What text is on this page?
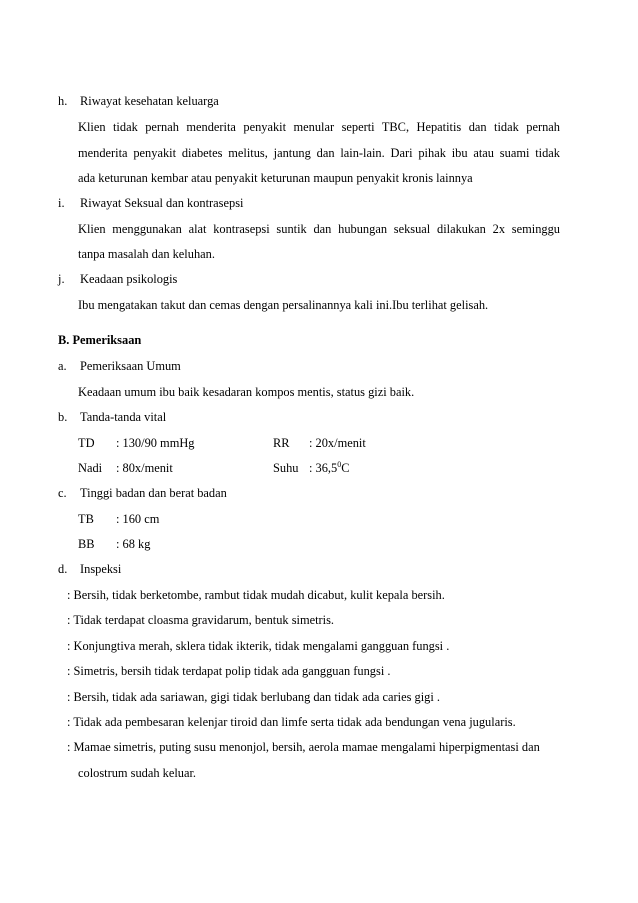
h. Riwayat kesehatan keluarga
Klien tidak pernah menderita penyakit menular seperti TBC, Hepatitis dan tidak pernah
menderita penyakit diabetes melitus, jantung dan lain-lain. Dari pihak ibu atau suami tidak
ada keturunan kembar atau penyakit keturunan maupun penyakit kronis lainnya
i. Riwayat Seksual dan kontrasepsi
Klien menggunakan alat kontrasepsi suntik dan hubungan seksual dilakukan 2x seminggu
tanpa masalah dan keluhan.
j. Keadaan psikologis
Ibu mengatakan takut dan cemas dengan persalinannya kali ini.Ibu terlihat gelisah.
B. Pemeriksaan
a. Pemeriksaan Umum
Keadaan umum ibu baik kesadaran kompos mentis, status gizi baik.
b. Tanda-tanda vital
TD : 130/90 mmHg	RR : 20x/menit
Nadi : 80x/menit	Suhu : 36,5$^0$C
c. Tinggi badan dan berat badan
TB : 160 cm
BB : 68 kg
d. Inspeksi
: Bersih, tidak berketombe, rambut tidak mudah dicabut, kulit kepala bersih.
: Tidak terdapat cloasma gravidarum, bentuk simetris.
: Konjungtiva merah, sklera tidak ikterik, tidak mengalami gangguan fungsi .
: Simetris, bersih tidak terdapat polip tidak ada gangguan fungsi .
: Bersih, tidak ada sariawan, gigi tidak berlubang dan tidak ada caries gigi .
: Tidak ada pembesaran kelenjar tiroid dan limfe serta tidak ada bendungan vena jugularis.
: Mamae simetris, puting susu menonjol, bersih, aerola mamae mengalami hiperpigmentasi dan
colostrum sudah keluar.
